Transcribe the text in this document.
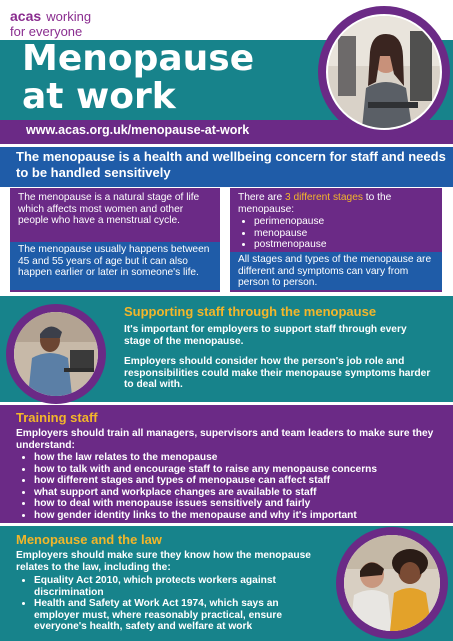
acas working
for everyone
Menopause
at work
www.acas.org.uk/menopause-at-work
The menopause is a health and wellbeing concern for staff and needs to be handled sensitively
The menopause is a natural stage of life which affects most women and other people who have a menstrual cycle.
The menopause usually happens between 45 and 55 years of age but it can also happen earlier or later in someone's life.
There are 3 different stages to the menopause:
• perimenopause
• menopause
• postmenopause
All stages and types of the menopause are different and symptoms can vary from person to person.
Supporting staff through the menopause
It's important for employers to support staff through every stage of the menopause.
Employers should consider how the person's job role and responsibilities could make their menopause symptoms harder to deal with.
Training staff
Employers should train all managers, supervisors and team leaders to make sure they understand:
• how the law relates to the menopause
• how to talk with and encourage staff to raise any menopause concerns
• how different stages and types of menopause can affect staff
• what support and workplace changes are available to staff
• how to deal with menopause issues sensitively and fairly
• how gender identity links to the menopause and why it's important
Menopause and the law
Employers should make sure they know how the menopause relates to the law, including the:
• Equality Act 2010, which protects workers against discrimination
• Health and Safety at Work Act 1974, which says an employer must, where reasonably practical, ensure everyone's health, safety and welfare at work
